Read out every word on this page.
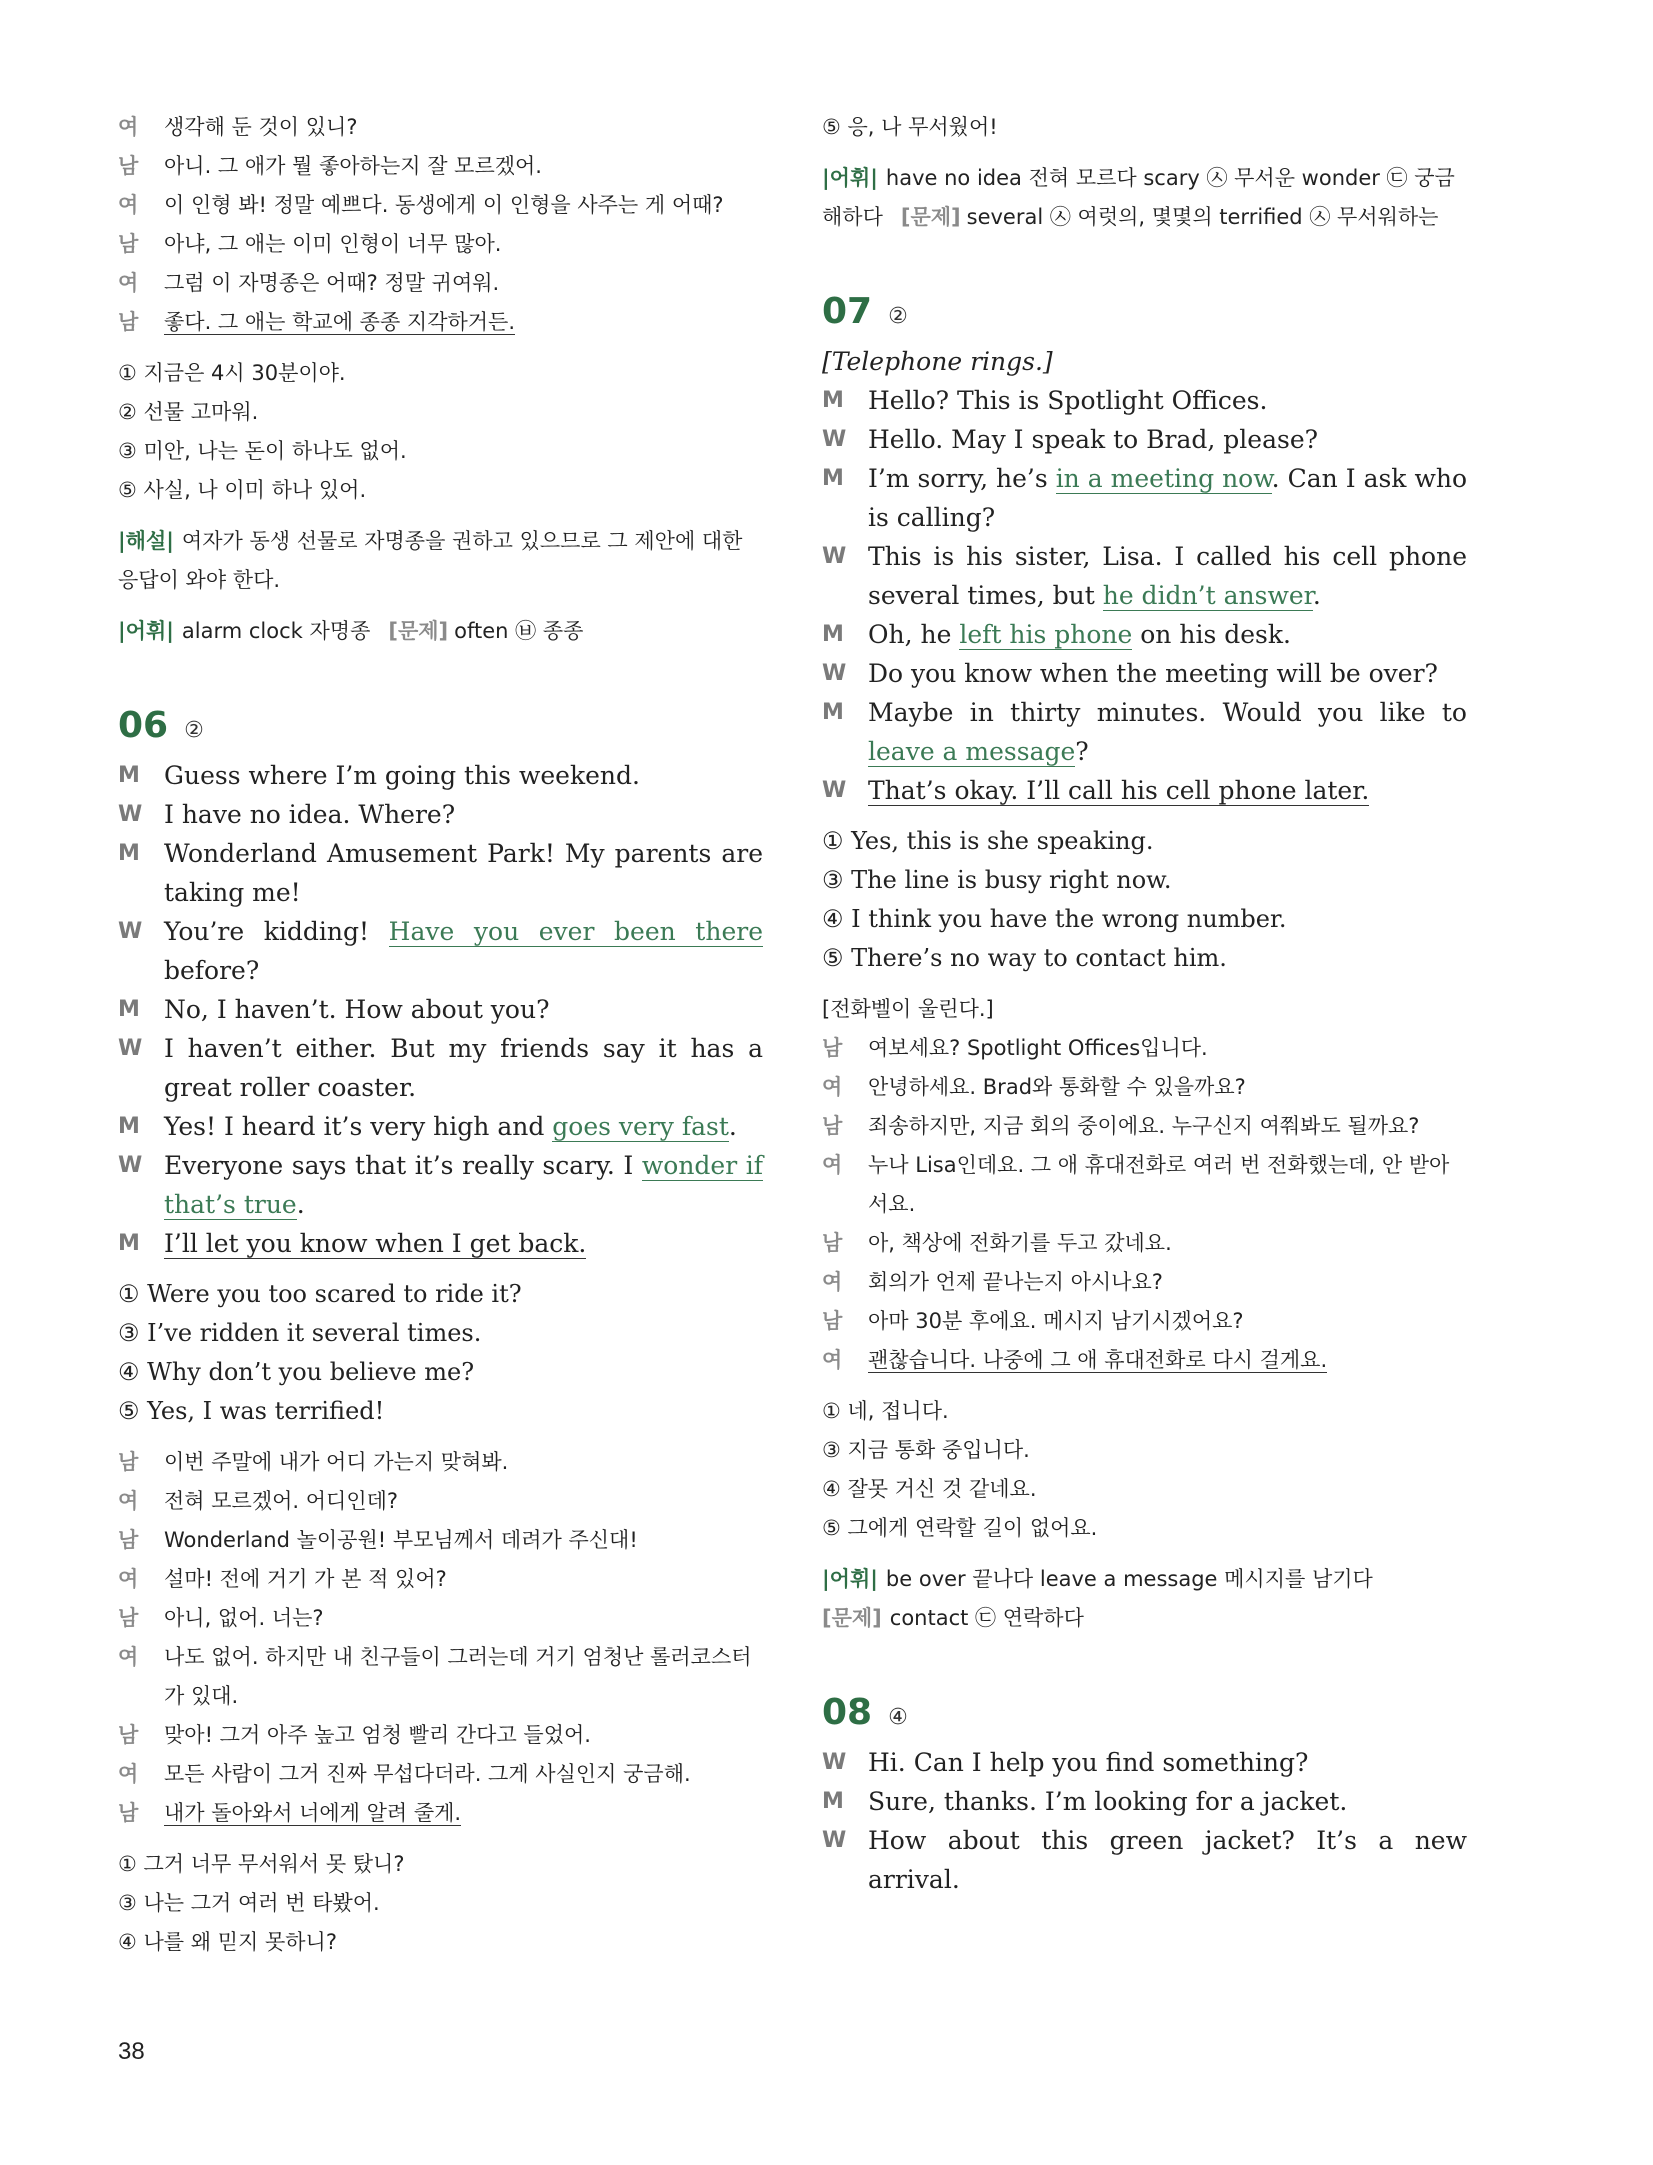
여	생각해 둔 것이 있니?
남	아니. 그 애가 뭘 좋아하는지 잘 모르겠어.
여	이 인형 봐! 정말 예쁘다. 동생에게 이 인형을 사주는 게 어때?
남	아냐, 그 애는 이미 인형이 너무 많아.
여	그럼 이 자명종은 어때? 정말 귀여워.
남	좋다. 그 애는 학교에 종종 지각하거든.
① 지금은 4시 30분이야.
② 선물 고마워.
③ 미안, 나는 돈이 하나도 없어.
⑤ 사실, 나 이미 하나 있어.
|해설| 여자가 동생 선물로 자명종을 권하고 있으므로 그 제안에 대한 응답이 와야 한다.
|어휘| alarm clock 자명종 [문제] often ㉥ 종종
06 ②
M Guess where I’m going this weekend.
W I have no idea. Where?
M Wonderland Amusement Park! My parents are taking me!
W You’re kidding! Have you ever been there before?
M No, I haven’t. How about you?
W I haven’t either. But my friends say it has a great roller coaster.
M Yes! I heard it’s very high and goes very fast.
W Everyone says that it’s really scary. I wonder if that’s true.
M I’ll let you know when I get back.
① Were you too scared to ride it?
③ I’ve ridden it several times.
④ Why don’t you believe me?
⑤ Yes, I was terrified!
남	이번 주말에 내가 어디 가는지 맞혀봐.
여	전혀 모르겠어. 어디인데?
남	Wonderland 놀이공원! 부모님께서 데려가 주신대!
여	설마! 전에 거기 가 본 적 있어?
남	아니, 없어. 너는?
여	나도 없어. 하지만 내 친구들이 그러는데 거기 엄청난 롤러코스터가 있대.
남	맞아! 그거 아주 높고 엄청 빨리 간다고 들었어.
여	모든 사람이 그거 진짜 무섭다더라. 그게 사실인지 궁금해.
남	내가 돌아와서 너에게 알려 줄게.
① 그거 너무 무서워서 못 탔니?
③ 나는 그거 여러 번 타봤어.
④ 나를 왜 믿지 못하니?
⑤ 응, 나 무서웠어!
|어휘| have no idea 전혀 모르다 scary ㉦ 무서운 wonder ㉢ 궁금해하다 [문제] several ㉦ 여럿의, 몇몇의 terrified ㉦ 무서워하는
07 ②
[Telephone rings.]
M Hello? This is Spotlight Offices.
W Hello. May I speak to Brad, please?
M I’m sorry, he’s in a meeting now. Can I ask who is calling?
W This is his sister, Lisa. I called his cell phone several times, but he didn’t answer.
M Oh, he left his phone on his desk.
W Do you know when the meeting will be over?
M Maybe in thirty minutes. Would you like to leave a message?
W That’s okay. I’ll call his cell phone later.
① Yes, this is she speaking.
③ The line is busy right now.
④ I think you have the wrong number.
⑤ There’s no way to contact him.
[전화벨이 울린다.]
남	여보세요? Spotlight Offices입니다.
여	안녕하세요. Brad와 통화할 수 있을까요?
남	죄송하지만, 지금 회의 중이에요. 누구신지 여쭤봐도 될까요?
여	누나 Lisa인데요. 그 애 휴대전화로 여러 번 전화했는데, 안 받아서요.
남	아, 책상에 전화기를 두고 갔네요.
여	회의가 언제 끝나는지 아시나요?
남	아마 30분 후에요. 메시지 남기시겠어요?
여	괜찮습니다. 나중에 그 애 휴대전화로 다시 걸게요.
① 네, 접니다.
③ 지금 통화 중입니다.
④ 잘못 거신 것 같네요.
⑤ 그에게 연락할 길이 없어요.
|어휘| be over 끝나다 leave a message 메시지를 남기다
[문제] contact ㉢ 연락하다
08 ④
W Hi. Can I help you find something?
M Sure, thanks. I’m looking for a jacket.
W How about this green jacket? It’s a new arrival.
38
